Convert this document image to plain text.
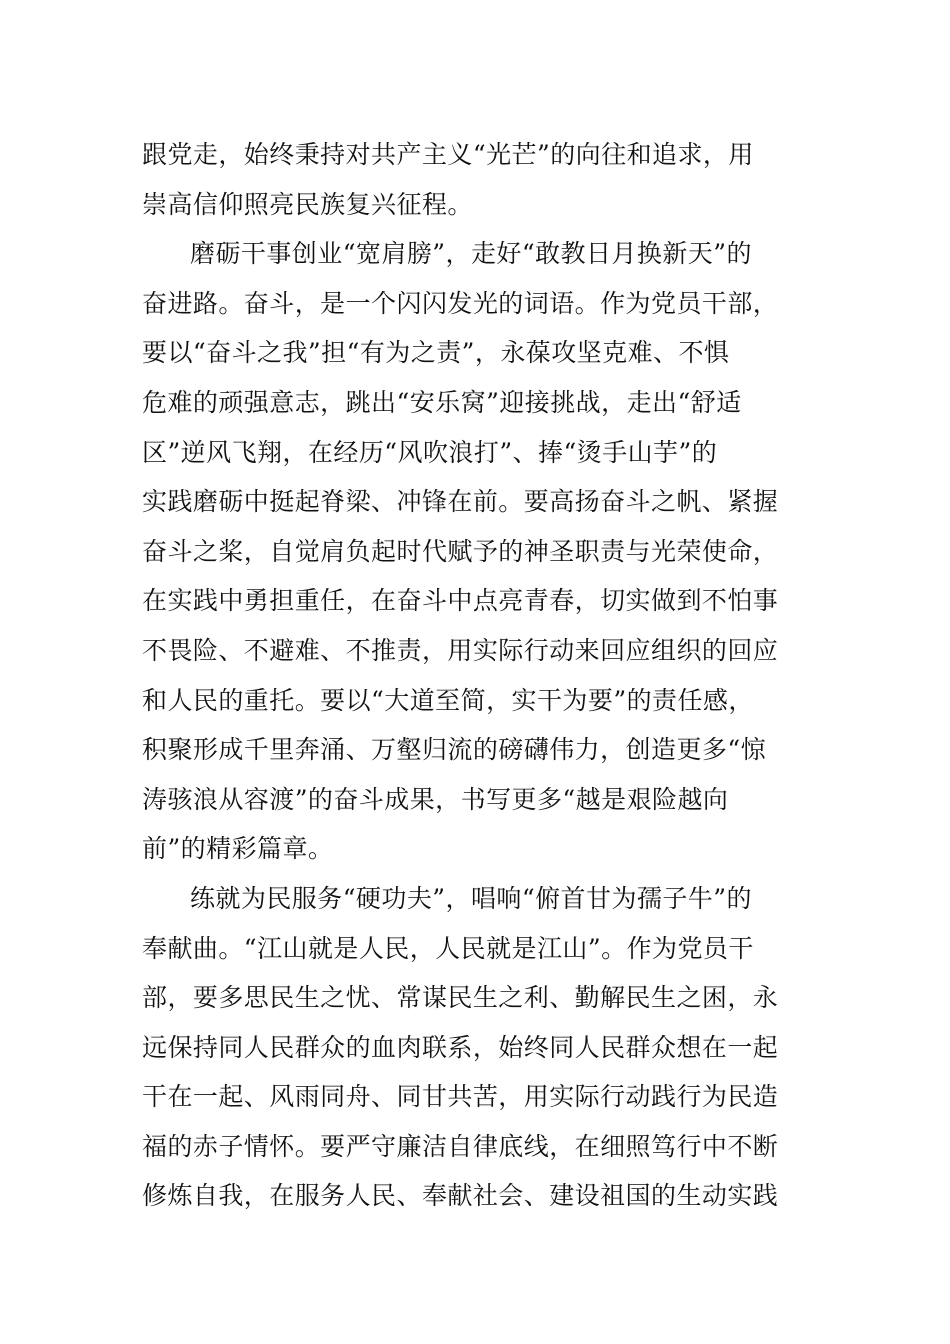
跟党走，始终秉持对共产主义“光芒”的向往和追求，用
崇高信仰照亮民族复兴征程。
磨砺干事创业“宽肩膀”，走好“敢教日月换新天”的
奋进路。奋斗，是一个闪闪发光的词语。作为党员干部，
要以“奋斗之我”担“有为之责”，永葆攻坚克难、不惧
危难的顽强意志，跳出“安乐窝”迎接挑战，走出“舒适
区”逆风飞翔，在经历“风吹浪打”、捧“烫手山芋”的
实践磨砺中挺起脊梁、冲锋在前。要高扬奋斗之帆、紧握
奋斗之桨，自觉肩负起时代赋予的神圣职责与光荣使命，
在实践中勇担重任，在奋斗中点亮青春，切实做到不怕事
不畏险、不避难、不推责，用实际行动来回应组织的回应
和人民的重托。要以“大道至简，实干为要”的责任感，
积聚形成千里奔涌、万壑归流的磅礴伟力，创造更多“惊
涛骇浪从容渡”的奋斗成果，书写更多“越是艰险越向
前”的精彩篇章。
练就为民服务“硬功夫”，唱响“俯首甘为孺子牛”的
奉献曲。“江山就是人民，人民就是江山”。作为党员干
部，要多思民生之忧、常谋民生之利、勤解民生之困，永
远保持同人民群众的血肉联系，始终同人民群众想在一起
干在一起、风雨同舟、同甘共苦，用实际行动践行为民造
福的赤子情怀。要严守廉洁自律底线，在细照笃行中不断
修炼自我，在服务人民、奉献社会、建设祖国的生动实践
